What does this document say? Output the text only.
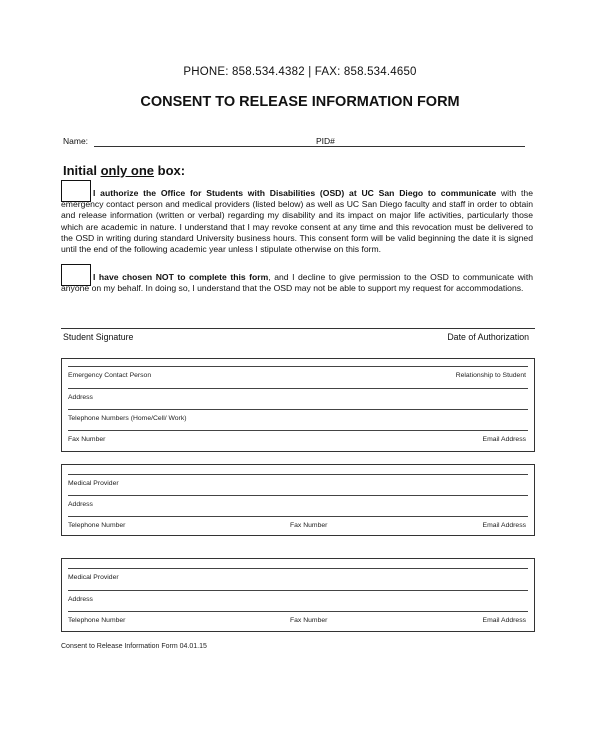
PHONE: 858.534.4382 | FAX: 858.534.4650
CONSENT TO RELEASE INFORMATION FORM
Name:	PID#
Initial only one box:
I authorize the Office for Students with Disabilities (OSD) at UC San Diego to communicate with the emergency contact person and medical providers (listed below) as well as UC San Diego faculty and staff in order to obtain and release information (written or verbal) regarding my disability and its impact on major life activities, particularly those which are academic in nature. I understand that I may revoke consent at any time and this revocation must be delivered to the OSD in writing during standard University business hours. This consent form will be valid beginning the date it is signed until the end of the following academic year unless I stipulate otherwise on this form.
I have chosen NOT to complete this form, and I decline to give permission to the OSD to communicate with anyone on my behalf. In doing so, I understand that the OSD may not be able to support my request for accommodations.
Student Signature	Date of Authorization
Emergency Contact Person	Relationship to Student
Address
Telephone Numbers (Home/Cell/ Work)
Fax Number	Email Address
Medical Provider
Address
Telephone Number	Fax Number	Email Address
Medical Provider
Address
Telephone Number	Fax Number	Email Address
Consent to Release Information Form 04.01.15
